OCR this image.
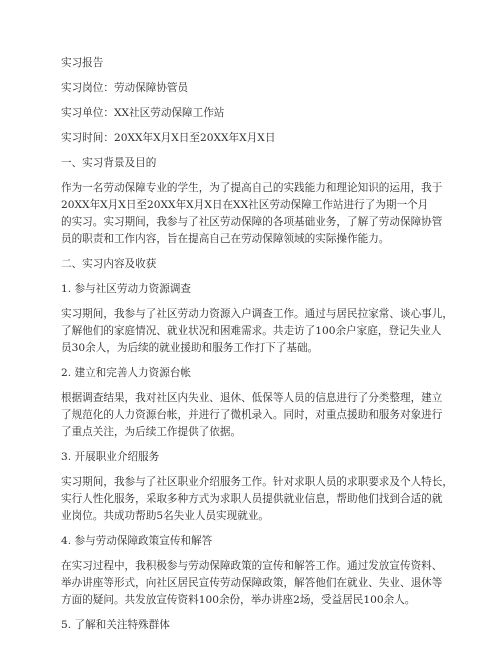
实习报告

实习岗位：劳动保障协管员

实习单位：XX社区劳动保障工作站

实习时间：20XX年X月X日至20XX年X月X日

一、实习背景及目的

作为一名劳动保障专业的学生，为了提高自己的实践能力和理论知识的运用，我于

20XX年X月X日至20XX年X月X日在XX社区劳动保障工作站进行了为期一个月

的实习。实习期间，我参与了社区劳动保障的各项基础业务，了解了劳动保障协管

员的职责和工作内容，旨在提高自己在劳动保障领域的实际操作能力。

二、实习内容及收获

1. 参与社区劳动力资源调查

实习期间，我参与了社区劳动力资源入户调查工作。通过与居民拉家常、谈心事儿，

了解他们的家庭情况、就业状况和困难需求。共走访了100余户家庭，登记失业人

员30余人，为后续的就业援助和服务工作打下了基础。

2. 建立和完善人力资源台帐

根据调查结果，我对社区内失业、退休、低保等人员的信息进行了分类整理，建立

了规范化的人力资源台帐，并进行了微机录入。同时，对重点援助和服务对象进行

了重点关注，为后续工作提供了依据。

3. 开展职业介绍服务

实习期间，我参与了社区职业介绍服务工作。针对求职人员的求职要求及个人特长，

实行人性化服务，采取多种方式为求职人员提供就业信息，帮助他们找到合适的就

业岗位。共成功帮助5名失业人员实现就业。

4. 参与劳动保障政策宣传和解答

在实习过程中，我积极参与劳动保障政策的宣传和解答工作。通过发放宣传资料、

举办讲座等形式，向社区居民宣传劳动保障政策，解答他们在就业、失业、退休等

方面的疑问。共发放宣传资料100余份，举办讲座2场，受益居民100余人。

5. 了解和关注特殊群体
